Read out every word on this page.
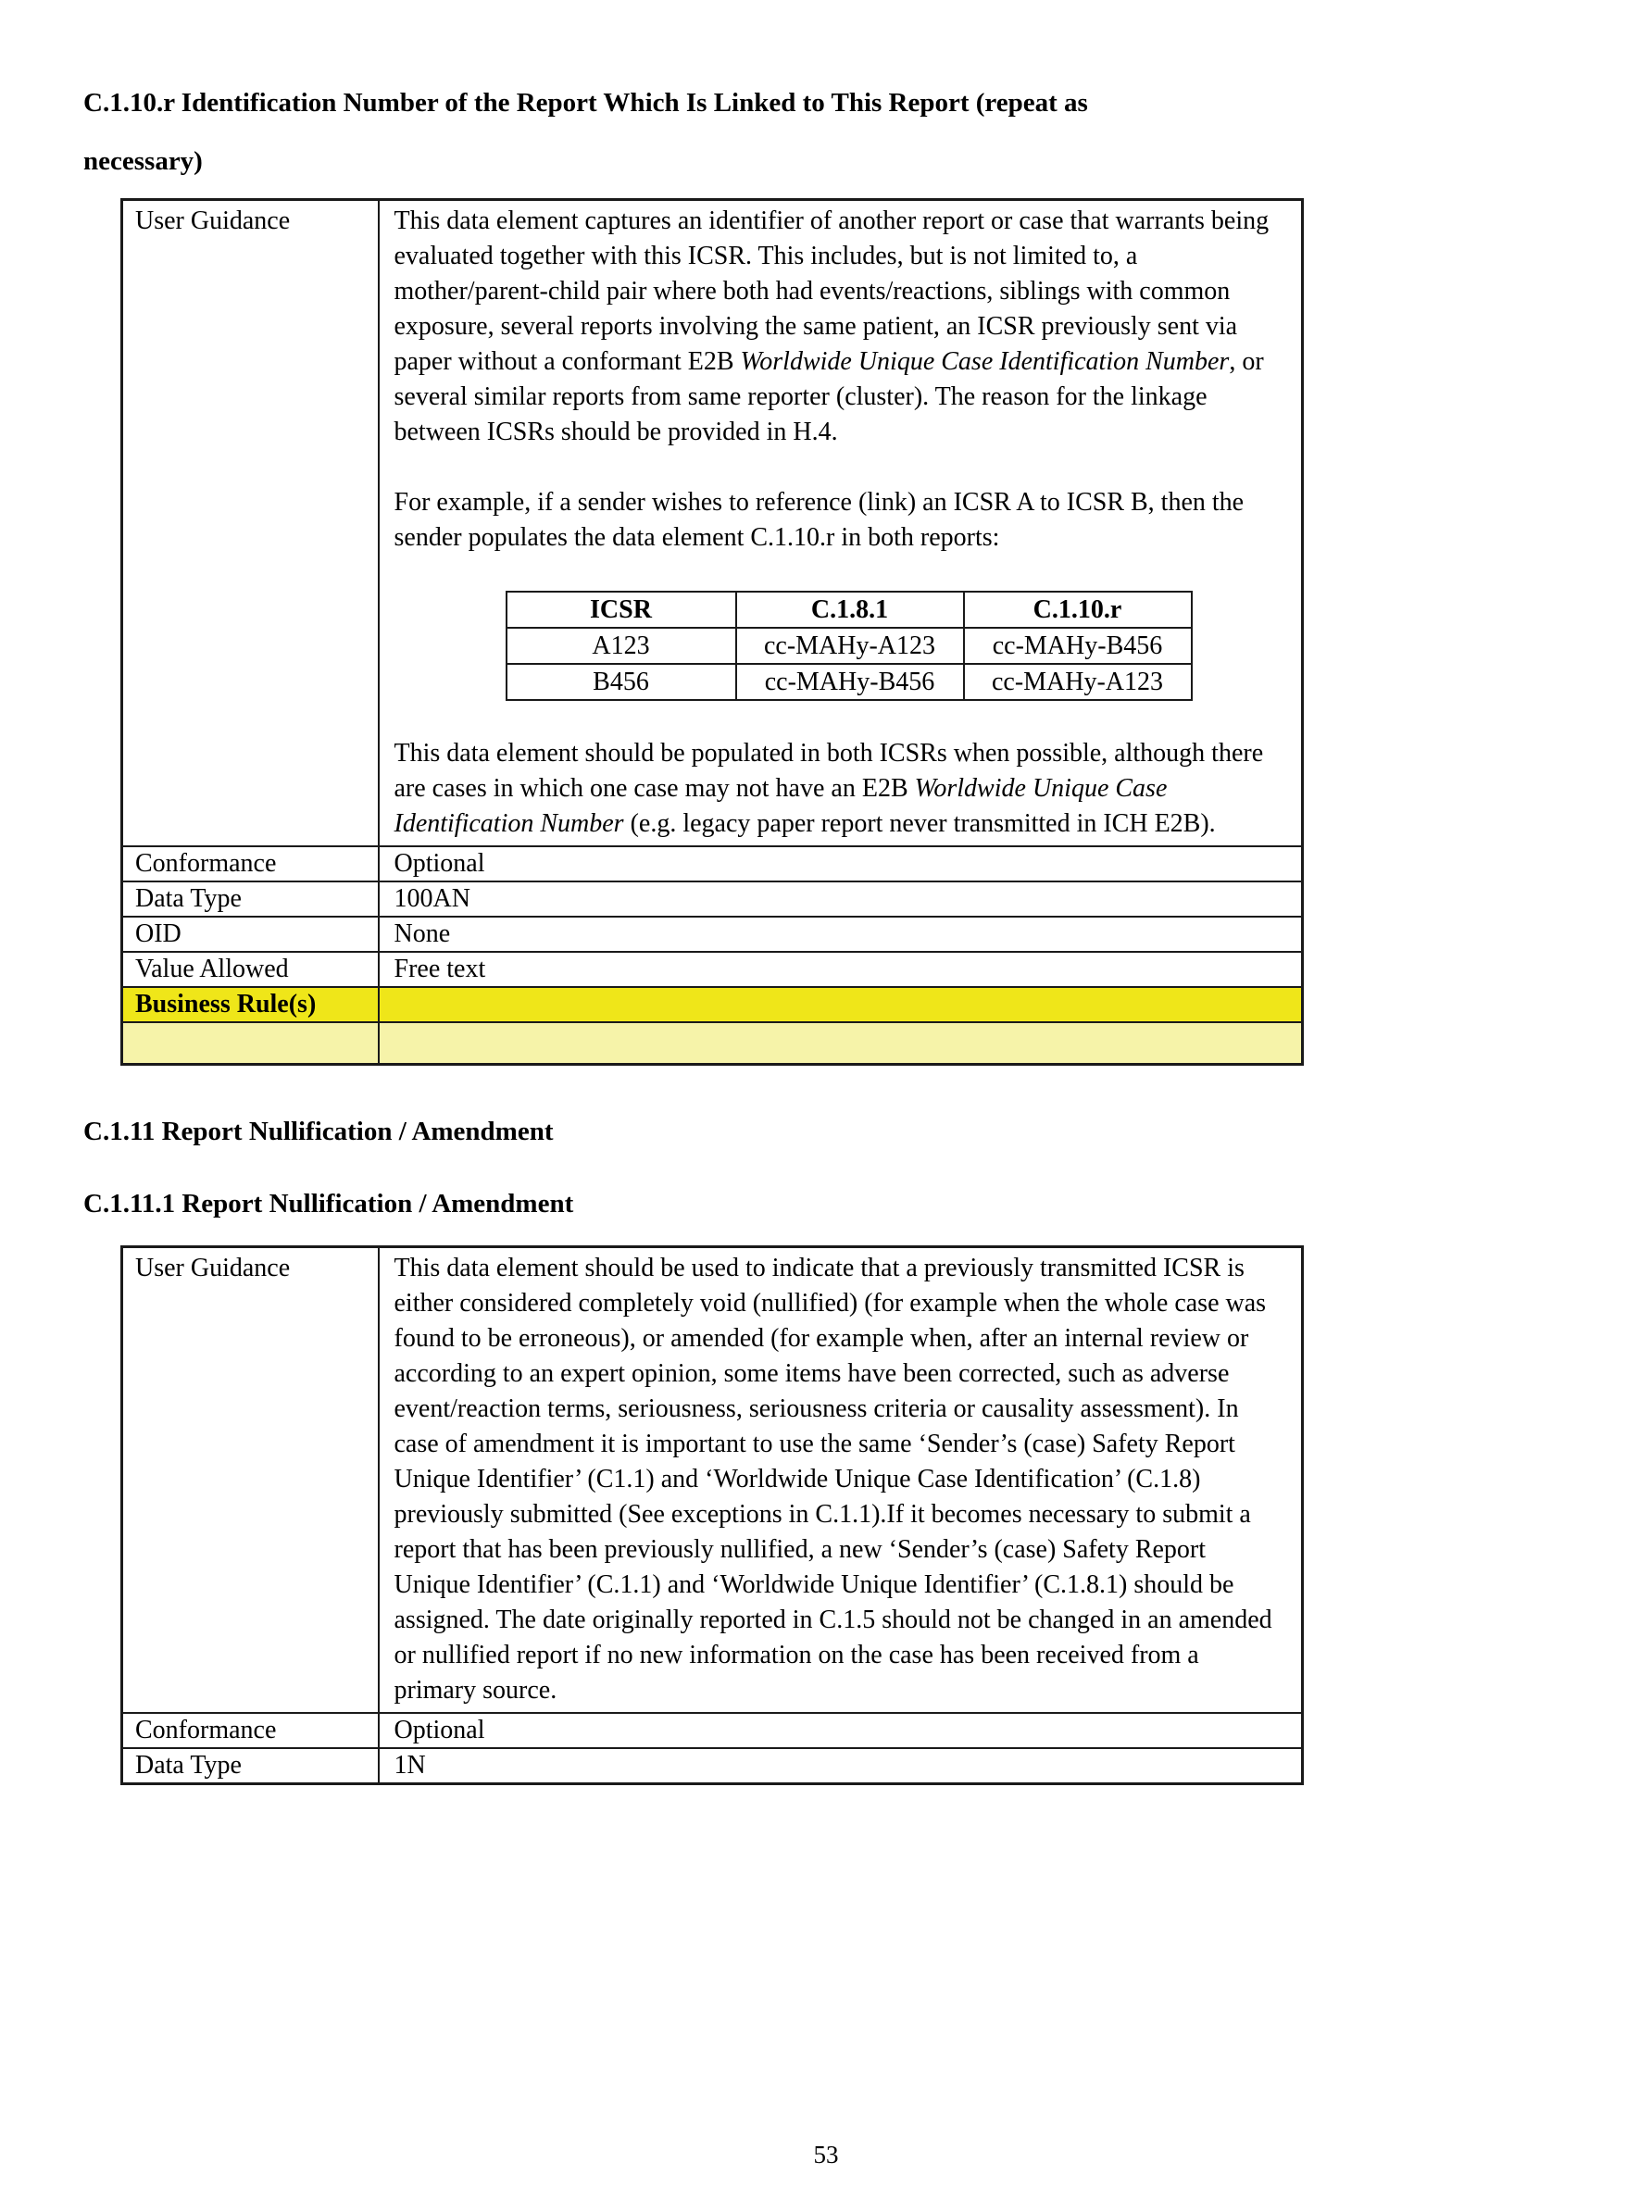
C.1.10.r Identification Number of the Report Which Is Linked to This Report (repeat as
necessary)
User Guidance	This data element captures an identifier of another report or case that warrants being evaluated together with this ICSR. This includes, but is not limited to, a mother/parent-child pair where both had events/reactions, siblings with common exposure, several reports involving the same patient, an ICSR previously sent via paper without a conformant E2B Worldwide Unique Case Identification Number, or several similar reports from same reporter (cluster). The reason for the linkage between ICSRs should be provided in H.4.

For example, if a sender wishes to reference (link) an ICSR A to ICSR B, then the sender populates the data element C.1.10.r in both reports:

ICSR	C.1.8.1	C.1.10.r
A123	cc-MAHy-A123	cc-MAHy-B456
B456	cc-MAHy-B456	cc-MAHy-A123

This data element should be populated in both ICSRs when possible, although there are cases in which one case may not have an E2B Worldwide Unique Case Identification Number (e.g. legacy paper report never transmitted in ICH E2B).

Conformance	Optional
Data Type	100AN
OID	None
Value Allowed	Free text
Business Rule(s)	

C.1.11 Report Nullification / Amendment
C.1.11.1 Report Nullification / Amendment
User Guidance	This data element should be used to indicate that a previously transmitted ICSR is either considered completely void (nullified) (for example when the whole case was found to be erroneous), or amended (for example when, after an internal review or according to an expert opinion, some items have been corrected, such as adverse event/reaction terms, seriousness, seriousness criteria or causality assessment). In case of amendment it is important to use the same ‘Sender’s (case) Safety Report Unique Identifier’ (C1.1) and ‘Worldwide Unique Case Identification’ (C.1.8) previously submitted (See exceptions in C.1.1).If it becomes necessary to submit a report that has been previously nullified, a new ‘Sender’s (case) Safety Report Unique Identifier’ (C.1.1) and ‘Worldwide Unique Identifier’ (C.1.8.1) should be assigned. The date originally reported in C.1.5 should not be changed in an amended or nullified report if no new information on the case has been received from a primary source.

Conformance	Optional
Data Type	1N
53
